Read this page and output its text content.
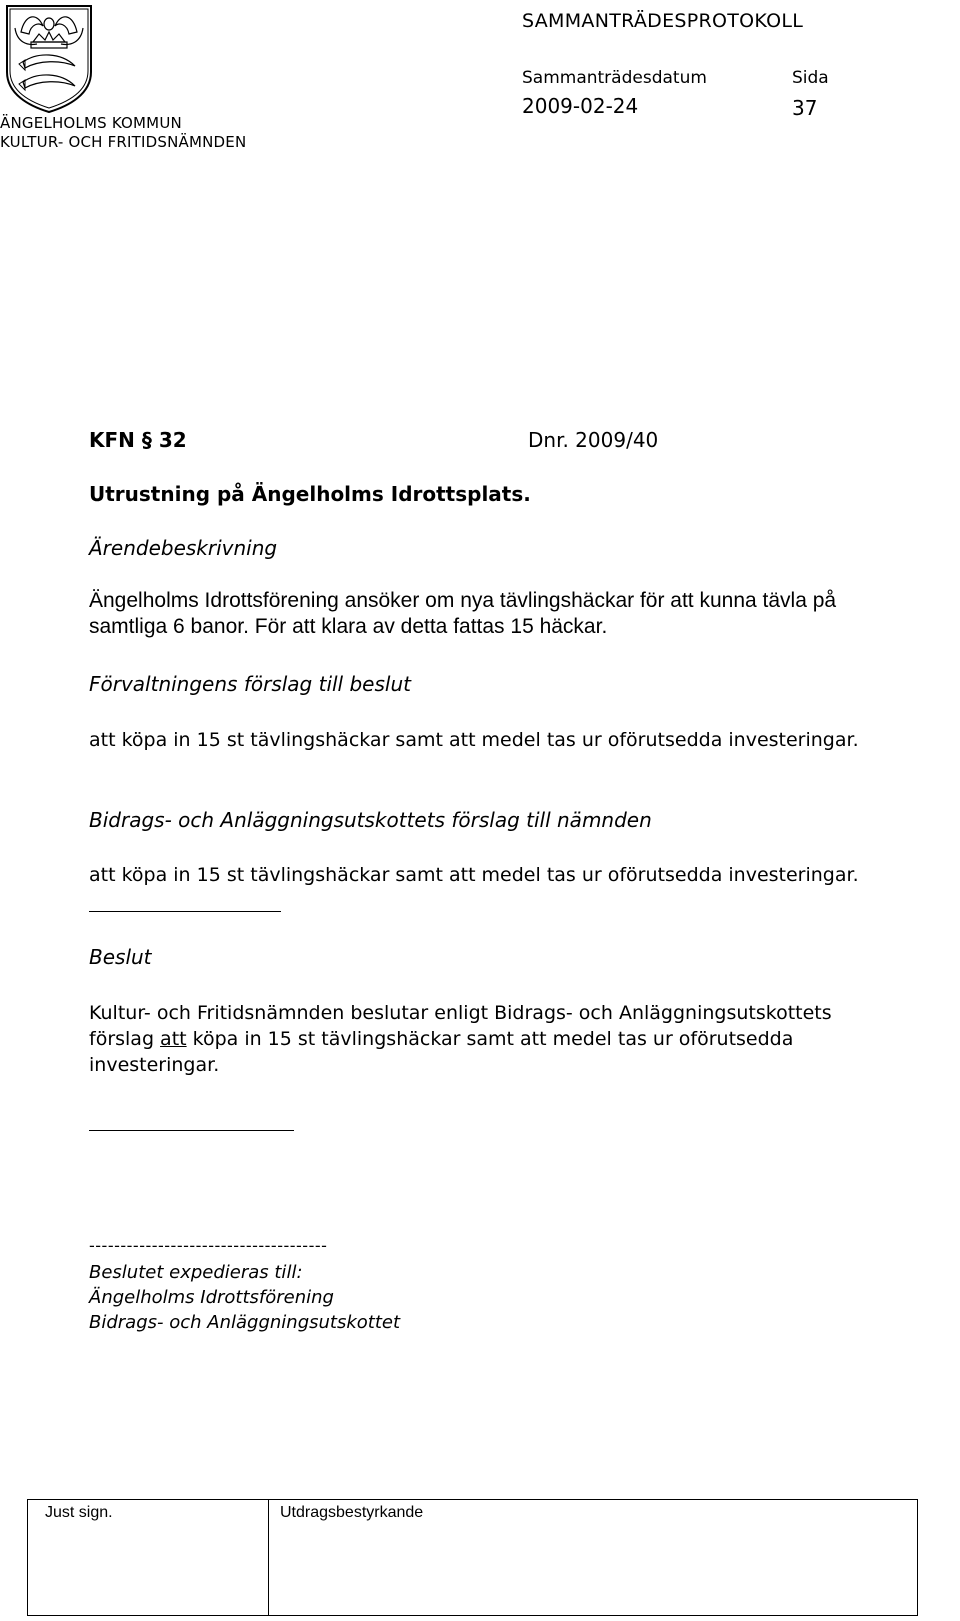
ÄNGELHOLMS KOMMUN
KULTUR- OCH FRITIDSNÄMNDEN
SAMMANTRÄDESPROTOKOLL
Sammanträdesdatum	Sida
2009-02-24	37
KFN § 32	Dnr. 2009/40
Utrustning på Ängelholms Idrottsplats.
Ärendebeskrivning
Ängelholms Idrottsförening ansöker om nya tävlingshäckar för att kunna tävla på
samtliga 6 banor. För att klara av detta fattas 15 häckar.
Förvaltningens förslag till beslut
att köpa in 15 st tävlingshäckar samt att medel tas ur oförutsedda investeringar.
Bidrags- och Anläggningsutskottets förslag till nämnden
att köpa in 15 st tävlingshäckar samt att medel tas ur oförutsedda investeringar.
Beslut
Kultur- och Fritidsnämnden beslutar enligt Bidrags- och Anläggningsutskottets
förslag att köpa in 15 st tävlingshäckar samt att medel tas ur oförutsedda
investeringar.
--------------------------------------
Beslutet expedieras till:
Ängelholms Idrottsförening
Bidrags- och Anläggningsutskottet
Just sign.	Utdragsbestyrkande
